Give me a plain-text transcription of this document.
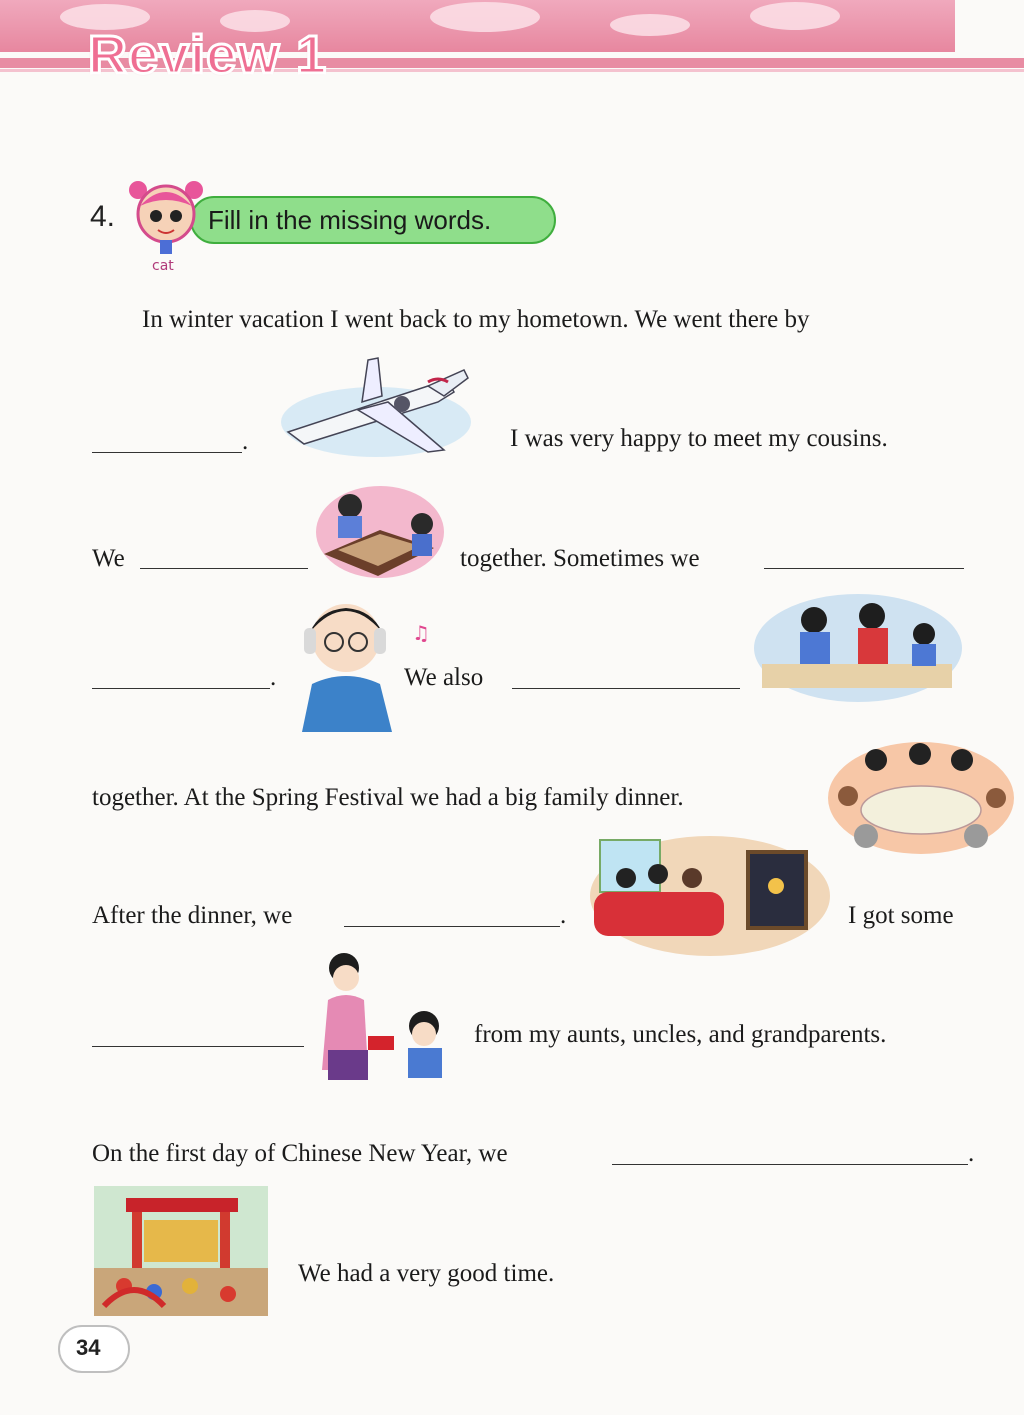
Review 1
4.	Fill in the missing words.
cat
In winter vacation I went back to my hometown. We went there by
.	I was very happy to meet my cousins.
We	together. Sometimes we
♫
.	We also
together. At the Spring Festival we had a big family dinner.
After the dinner, we	.	I got some
from my aunts, uncles, and grandparents.
On the first day of Chinese New Year, we	.
We had a very good time.
34
